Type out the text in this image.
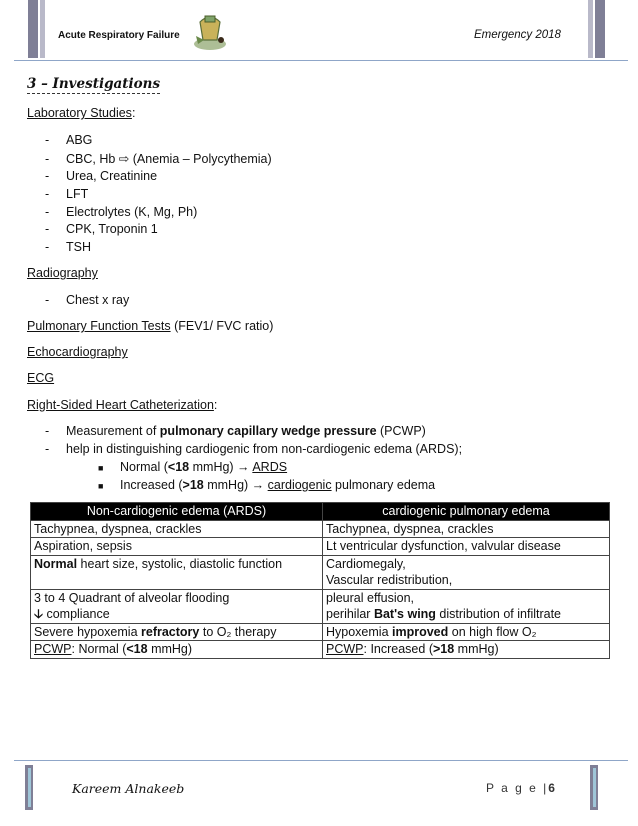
Acute Respiratory Failure	Emergency 2018
3 – Investigations
Laboratory Studies:
- ABG
- CBC, Hb ⇨ (Anemia – Polycythemia)
- Urea, Creatinine
- LFT
- Electrolytes (K, Mg, Ph)
- CPK, Troponin 1
- TSH
Radiography
- Chest x ray
Pulmonary Function Tests (FEV1/ FVC ratio)
Echocardiography
ECG
Right-Sided Heart Catheterization:
- Measurement of pulmonary capillary wedge pressure (PCWP)
- help in distinguishing cardiogenic from non-cardiogenic edema (ARDS);
■ Normal (<18 mmHg) → ARDS
■ Increased (>18 mmHg) → cardiogenic pulmonary edema
Non-cardiogenic edema (ARDS)	cardiogenic pulmonary edema
Tachypnea, dyspnea, crackles	Tachypnea, dyspnea, crackles
Aspiration, sepsis	Lt ventricular dysfunction, valvular disease
Normal heart size, systolic, diastolic function	Cardiomegaly,
Vascular redistribution,
3 to 4 Quadrant of alveolar flooding
🡣 compliance	pleural effusion,
perihilar Bat's wing distribution of infiltrate
Severe hypoxemia refractory to O₂ therapy	Hypoxemia improved on high flow O₂
PCWP: Normal (<18 mmHg)	PCWP: Increased (>18 mmHg)
Kareem Alnakeeb	P a g e |6
